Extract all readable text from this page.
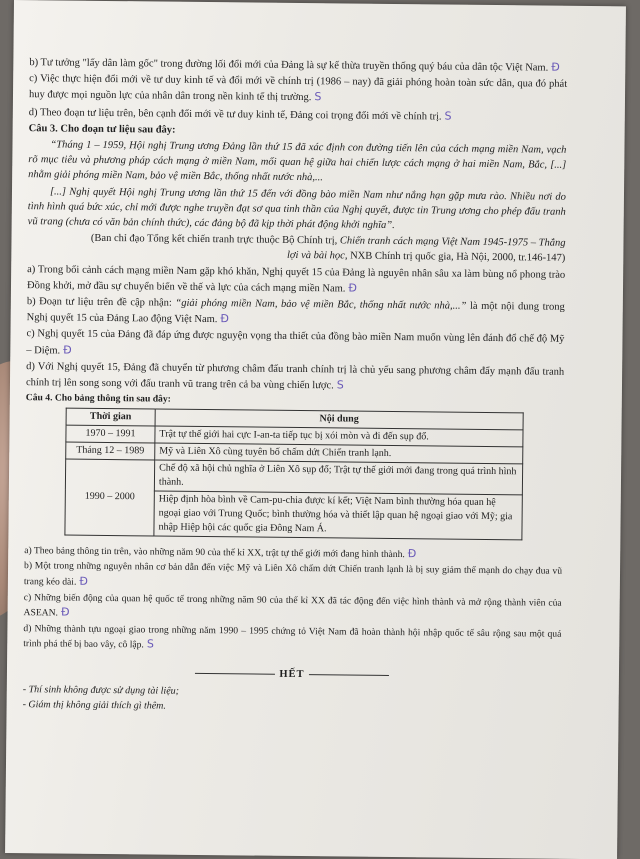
b) Tư tưởng "lấy dân làm gốc" trong đường lối đổi mới của Đảng là sự kế thừa truyền thống quý báu của dân tộc Việt Nam. Đ

c) Việc thực hiện đổi mới về tư duy kinh tế và đổi mới về chính trị (1986 – nay) đã giải phóng hoàn toàn sức dân, qua đó phát huy được mọi nguồn lực của nhân dân trong nền kinh tế thị trường. S

d) Theo đoạn tư liệu trên, bên cạnh đổi mới về tư duy kinh tế, Đảng coi trọng đổi mới về chính trị. S

Câu 3. Cho đoạn tư liệu sau đây:

“Tháng 1 – 1959, Hội nghị Trung ương Đảng lần thứ 15 đã xác định con đường tiến lên của cách mạng miền Nam, vạch rõ mục tiêu và phương pháp cách mạng ở miền Nam, mối quan hệ giữa hai chiến lược cách mạng ở hai miền Nam, Bắc, [...] nhằm giải phóng miền Nam, bảo vệ miền Bắc, thống nhất nước nhà,...

[...] Nghị quyết Hội nghị Trung ương lần thứ 15 đến với đồng bào miền Nam như nắng hạn gặp mưa rào. Nhiều nơi do tình hình quá bức xúc, chỉ mới được nghe truyền đạt sơ qua tinh thần của Nghị quyết, được tin Trung ương cho phép đấu tranh vũ trang (chưa có văn bản chính thức), các đảng bộ đã kịp thời phát động khởi nghĩa”.

(Ban chỉ đạo Tổng kết chiến tranh trực thuộc Bộ Chính trị, Chiến tranh cách mạng Việt Nam 1945-1975 – Thắng lợi và bài học, NXB Chính trị quốc gia, Hà Nội, 2000, tr.146-147)

a) Trong bối cảnh cách mạng miền Nam gặp khó khăn, Nghị quyết 15 của Đảng là nguyên nhân sâu xa làm bùng nổ phong trào Đồng khởi, mở đầu sự chuyển biến về thế và lực của cách mạng miền Nam. Đ

b) Đoạn tư liệu trên đề cập nhận: “giải phóng miền Nam, bảo vệ miền Bắc, thống nhất nước nhà,...” là một nội dung trong Nghị quyết 15 của Đảng Lao động Việt Nam. Đ

c) Nghị quyết 15 của Đảng đã đáp ứng được nguyện vọng tha thiết của đồng bào miền Nam muốn vùng lên đánh đổ chế độ Mỹ – Diệm. Đ

d) Với Nghị quyết 15, Đảng đã chuyển từ phương châm đấu tranh chính trị là chủ yếu sang phương châm đẩy mạnh đấu tranh chính trị lên song song với đấu tranh vũ trang trên cả ba vùng chiến lược. S

Câu 4. Cho bảng thông tin sau đây:

Thời gian	Nội dung
1970 – 1991	Trật tự thế giới hai cực I-an-ta tiếp tục bị xói mòn và đi đến sụp đổ.
Tháng 12 – 1989	Mỹ và Liên Xô cùng tuyên bố chấm dứt Chiến tranh lạnh.
1990 – 2000	Chế độ xã hội chủ nghĩa ở Liên Xô sụp đổ; Trật tự thế giới mới đang trong quá trình hình thành.
	Hiệp định hòa bình về Cam-pu-chia được kí kết; Việt Nam bình thường hóa quan hệ ngoại giao với Trung Quốc; bình thường hóa và thiết lập quan hệ ngoại giao với Mỹ; gia nhập Hiệp hội các quốc gia Đông Nam Á.

a) Theo bảng thông tin trên, vào những năm 90 của thế kỉ XX, trật tự thế giới mới đang hình thành. Đ

b) Một trong những nguyên nhân cơ bản dẫn đến việc Mỹ và Liên Xô chấm dứt Chiến tranh lạnh là bị suy giảm thế mạnh do chạy đua vũ trang kéo dài. Đ

c) Những biến động của quan hệ quốc tế trong những năm 90 của thế kỉ XX đã tác động đến việc hình thành và mở rộng thành viên của ASEAN. Đ

d) Những thành tựu ngoại giao trong những năm 1990 – 1995 chứng tỏ Việt Nam đã hoàn thành hội nhập quốc tế sâu rộng sau một quá trình phá thế bị bao vây, cô lập. S

HẾT

- Thí sinh không được sử dụng tài liệu;

- Giám thị không giải thích gì thêm.
